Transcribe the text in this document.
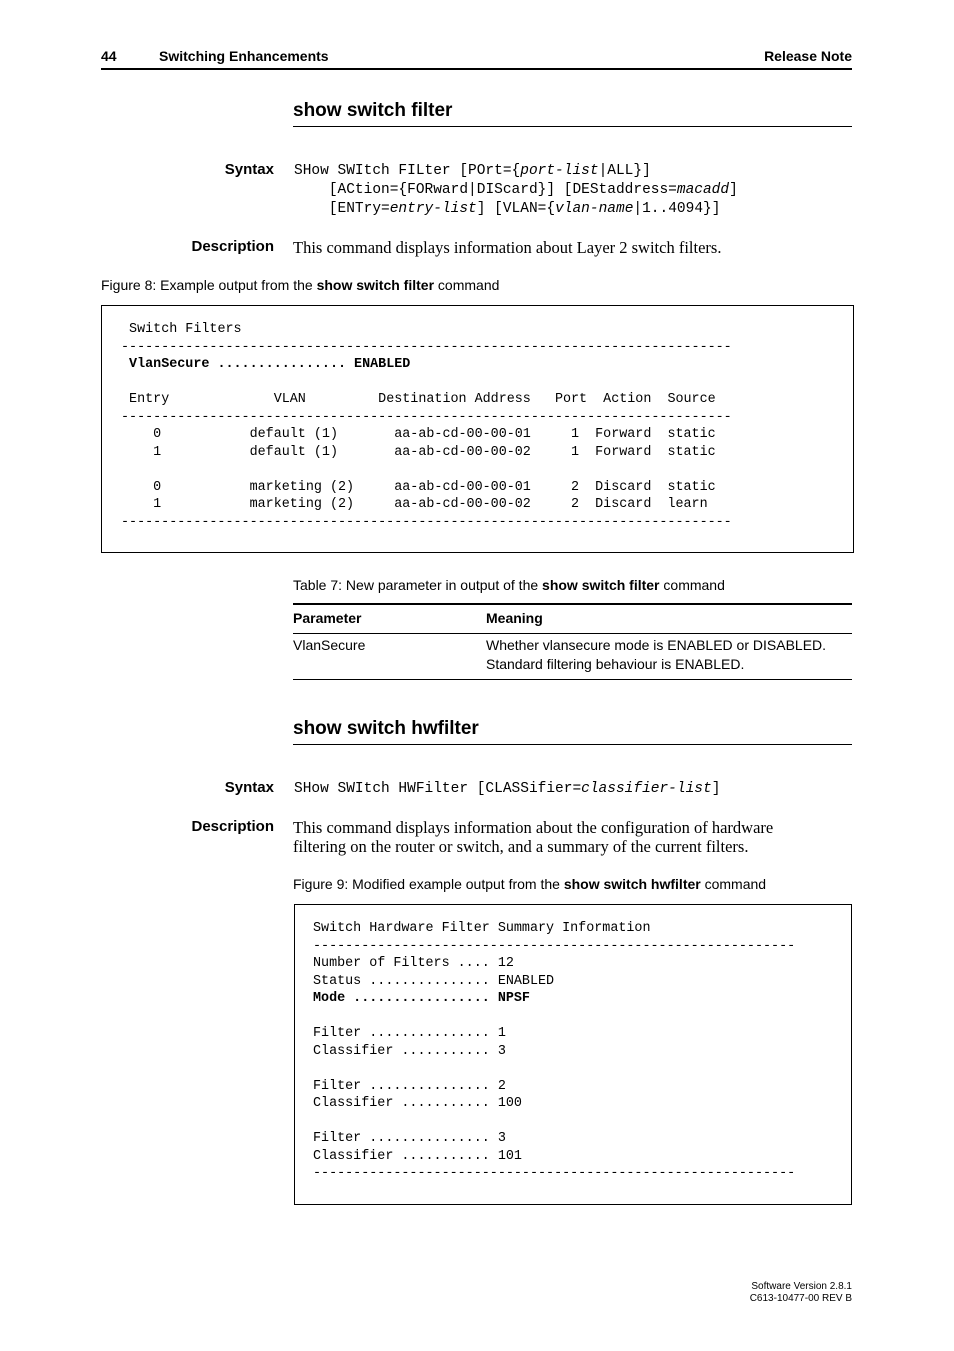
44	Switching Enhancements	Release Note
show switch filter
Syntax SHow SWItch FILter [POrt={port-list|ALL}]
[ACtion={FORward|DIScard}] [DEStaddress=macadd]
[ENTry=entry-list] [VLAN={vlan-name|1..4094}]
Description This command displays information about Layer 2 switch filters.
Figure 8: Example output from the show switch filter command
Switch Filters
----------------------------------------------------------------------------
VlanSecure ................ ENABLED

Entry             VLAN         Destination Address   Port  Action  Source
----------------------------------------------------------------------------
0           default (1)       aa-ab-cd-00-00-01     1  Forward  static
1           default (1)       aa-ab-cd-00-00-02     1  Forward  static

0           marketing (2)     aa-ab-cd-00-00-01     2  Discard  static
1           marketing (2)     aa-ab-cd-00-00-02     2  Discard  learn
----------------------------------------------------------------------------
Table 7: New parameter in output of the show switch filter command
Parameter	Meaning
VlanSecure	Whether vlansecure mode is ENABLED or DISABLED.
Standard filtering behaviour is ENABLED.
show switch hwfilter
Syntax SHow SWItch HWFilter [CLASSifier=classifier-list]
Description This command displays information about the configuration of hardware
filtering on the router or switch, and a summary of the current filters.
Figure 9: Modified example output from the show switch hwfilter command
Switch Hardware Filter Summary Information
------------------------------------------------------------
Number of Filters .... 12
Status ............... ENABLED
Mode ................. NPSF

Filter ............... 1
Classifier ........... 3

Filter ............... 2
Classifier ........... 100

Filter ............... 3
Classifier ........... 101
------------------------------------------------------------
Software Version 2.8.1
C613-10477-00 REV B
